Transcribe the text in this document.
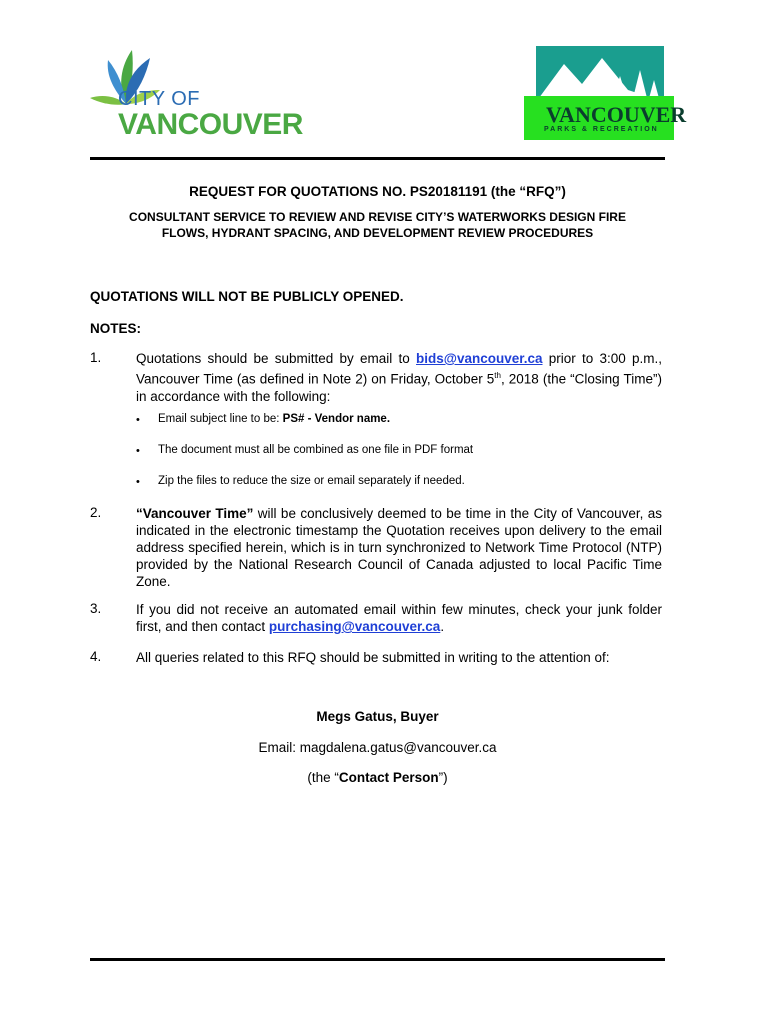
CITY OF
VANCOUVER	VANCOUVER
PARKS & RECREATION
REQUEST FOR QUOTATIONS NO. PS20181191 (the “RFQ”)
CONSULTANT SERVICE TO REVIEW AND REVISE CITY’S WATERWORKS DESIGN FIRE
FLOWS, HYDRANT SPACING, AND DEVELOPMENT REVIEW PROCEDURES
QUOTATIONS WILL NOT BE PUBLICLY OPENED.
NOTES:
1.	Quotations should be submitted by email to bids@vancouver.ca prior to 3:00 p.m., Vancouver Time (as defined in Note 2) on Friday, October 5th, 2018 (the “Closing Time”) in accordance with the following:
• Email subject line to be: PS# - Vendor name.
• The document must all be combined as one file in PDF format
• Zip the files to reduce the size or email separately if needed.
2.	“Vancouver Time” will be conclusively deemed to be time in the City of Vancouver, as indicated in the electronic timestamp the Quotation receives upon delivery to the email address specified herein, which is in turn synchronized to Network Time Protocol (NTP) provided by the National Research Council of Canada adjusted to local Pacific Time Zone.
3.	If you did not receive an automated email within few minutes, check your junk folder first, and then contact purchasing@vancouver.ca.
4.	All queries related to this RFQ should be submitted in writing to the attention of:
Megs Gatus, Buyer
Email: magdalena.gatus@vancouver.ca
(the “Contact Person”)
